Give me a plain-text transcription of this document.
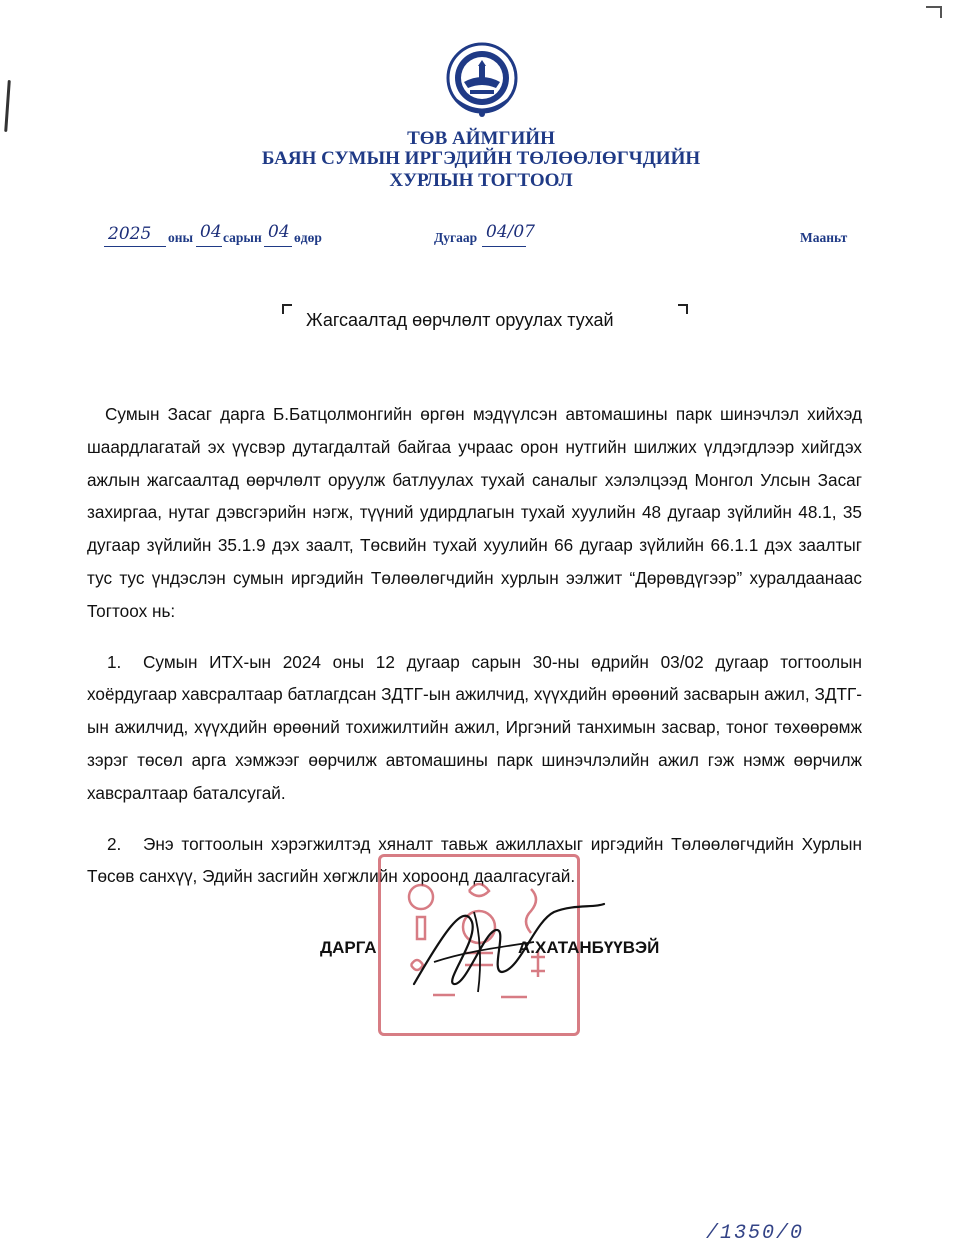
ТӨВ АЙМГИЙН
БАЯН СУМЫН ИРГЭДИЙН ТӨЛӨӨЛӨГЧДИЙН
ХУРЛЫН ТОГТООЛ
2025 оны 04 сарын 04 өдөр	Дугаар 04/07	Мааньт
Жагсаалтад өөрчлөлт оруулах тухай

Сумын Засаг дарга Б.Батцолмонгийн өргөн мэдүүлсэн автомашины парк шинэчлэл хийхэд шаардлагатай эх үүсвэр дутагдалтай байгаа учраас орон нутгийн шилжих үлдэгдлээр хийгдэх ажлын жагсаалтад өөрчлөлт оруулж батлуулах тухай саналыг хэлэлцээд Монгол Улсын Засаг захиргаа, нутаг дэвсгэрийн нэгж, түүний удирдлагын тухай хуулийн 48 дугаар зүйлийн 48.1, 35 дугаар зүйлийн 35.1.9 дэх заалт, Төсвийн тухай хуулийн 66 дугаар зүйлийн 66.1.1 дэх заалтыг тус тус үндэслэн сумын иргэдийн Төлөөлөгчдийн хурлын ээлжит “Дөрөвдүгээр” хуралдаанаас Тогтоох нь:

1. Сумын ИТХ-ын 2024 оны 12 дугаар сарын 30-ны өдрийн 03/02 дугаар тогтоолын хоёрдугаар хавсралтаар батлагдсан ЗДТГ-ын ажилчид, хүүхдийн өрөөний засварын ажил, ЗДТГ-ын ажилчид, хүүхдийн өрөөний тохижилтийн ажил, Иргэний танхимын засвар, тоног төхөөрөмж зэрэг төсөл арга хэмжээг өөрчилж автомашины парк шинэчлэлийн ажил гэж нэмж өөрчилж хавсралтаар баталсугай.

2. Энэ тогтоолын хэрэгжилтэд хяналт тавьж ажиллахыг иргэдийн Төлөөлөгчдийн Хурлын Төсөв санхүү, Эдийн засгийн хөгжлийн хороонд даалгасугай.

ДАРГА	А.ХАТАНБҮҮВЭЙ
/1350/0
